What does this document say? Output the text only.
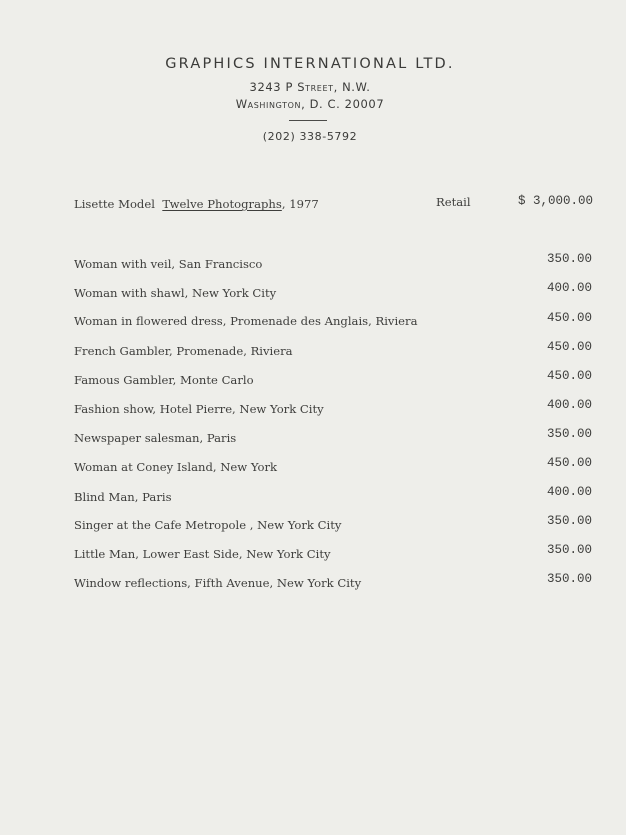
GRAPHICS INTERNATIONAL LTD.
3243 P Street, N.W.
Washington, D. C. 20007
(202) 338-5792
Lisette Model Twelve Photographs, 1977	Retail	$ 3,000.00
Woman with veil, San Francisco	350.00
Woman with shawl, New York City	400.00
Woman in flowered dress, Promenade des Anglais, Riviera	450.00
French Gambler, Promenade, Riviera	450.00
Famous Gambler, Monte Carlo	450.00
Fashion show, Hotel Pierre, New York City	400.00
Newspaper salesman, Paris	350.00
Woman at Coney Island, New York	450.00
Blind Man, Paris	400.00
Singer at the Cafe Metropole , New York City	350.00
Little Man, Lower East Side, New York City	350.00
Window reflections, Fifth Avenue, New York City	350.00
